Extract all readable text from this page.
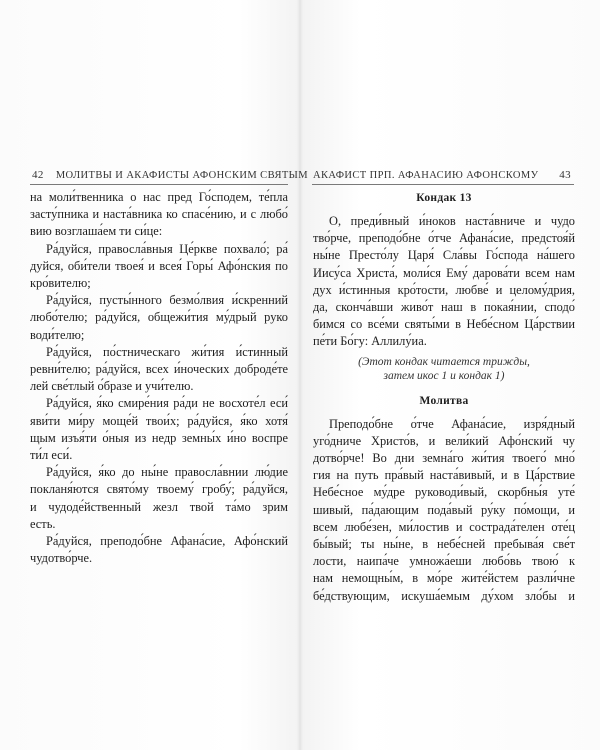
42 МОЛИТВЫ И АКАФИСТЫ АФОНСКИМ СВЯТЫМ
на моли́твенника о нас пред Го́сподем, те́пла
засту́пника и наста́вника ко спасе́нию, и с любо́
вию возглаша́ем ти си́це:
Ра́дуйся, правосла́вныя Це́ркве похвало́; ра́
дуйся, оби́тели твоея́ и всея́ Горы́ Афо́нския по
кро́вителю;
Ра́дуйся, пусты́нного безмо́лвия и́скренний
любо́телю; ра́дуйся, общежи́тия му́дрый руко
води́телю;
Ра́дуйся, по́стническаго жи́тия и́стинный
ревни́телю; ра́дуйся, всех и́ноческих доброде́те
лей све́тлый о́бразе и учи́телю.
Ра́дуйся, я́ко смире́ния ра́ди не восхоте́л еси́
яви́ти ми́ру моще́й твои́х; ра́дуйся, я́ко хотя́
щым изъя́ти о́ныя из недр земны́х и́но воспре
ти́л еси́.
Ра́дуйся, я́ко до ны́не правосла́внии лю́дие
покланя́ются свято́му твоему́ гробу́; ра́дуйся,
и чудоде́йственный жезл твой та́мо зрим
есть.
Ра́дуйся, преподо́бне Афана́сие, Афо́нский
чудотво́рче.
АКАФИСТ ПРП. АФАНАСИЮ АФОНСКОМУ 43
Кондак 13
О, преди́вный и́ноков наста́вниче и чудо
тво́рче, преподо́бне о́тче Афана́сие, предстоя́й
ны́не Престо́лу Царя́ Сла́вы Го́спода на́шего
Иису́са Христа́, моли́ся Ему́ дарова́ти всем нам
дух и́стинныя кро́тости, любве́ и целому́дрия,
да, сконча́вши живо́т наш в покая́нии, сподо́
бимся со все́ми святы́ми в Небе́сном Ца́рствии
пе́ти Бо́гу: Аллилу́иа.
(Этот кондак читается трижды,
затем икос 1 и кондак 1)
Молитва
Преподо́бне о́тче Афана́сие, изря́дный
уго́дниче Христо́в, и вели́кий Афо́нский чу
дотво́рче! Во дни земна́го жи́тия твоего́ мно́
гия на путь пра́вый наста́вивый, и в Ца́рствие
Небе́сное му́дре руководи́вый, скорбны́я уте́
шивый, па́дающим пода́вый ру́ку по́мощи, и
всем любе́зен, ми́лостив и сострада́телен оте́ц
бы́вый; ты ны́не, в небе́сней пребыва́я све́т
лости, наипа́че умножа́еши любо́вь твою́ к
нам немощны́м, в мо́ре жите́йстем разли́чне
бе́дствующим, искуша́емым ду́хом зло́бы и
